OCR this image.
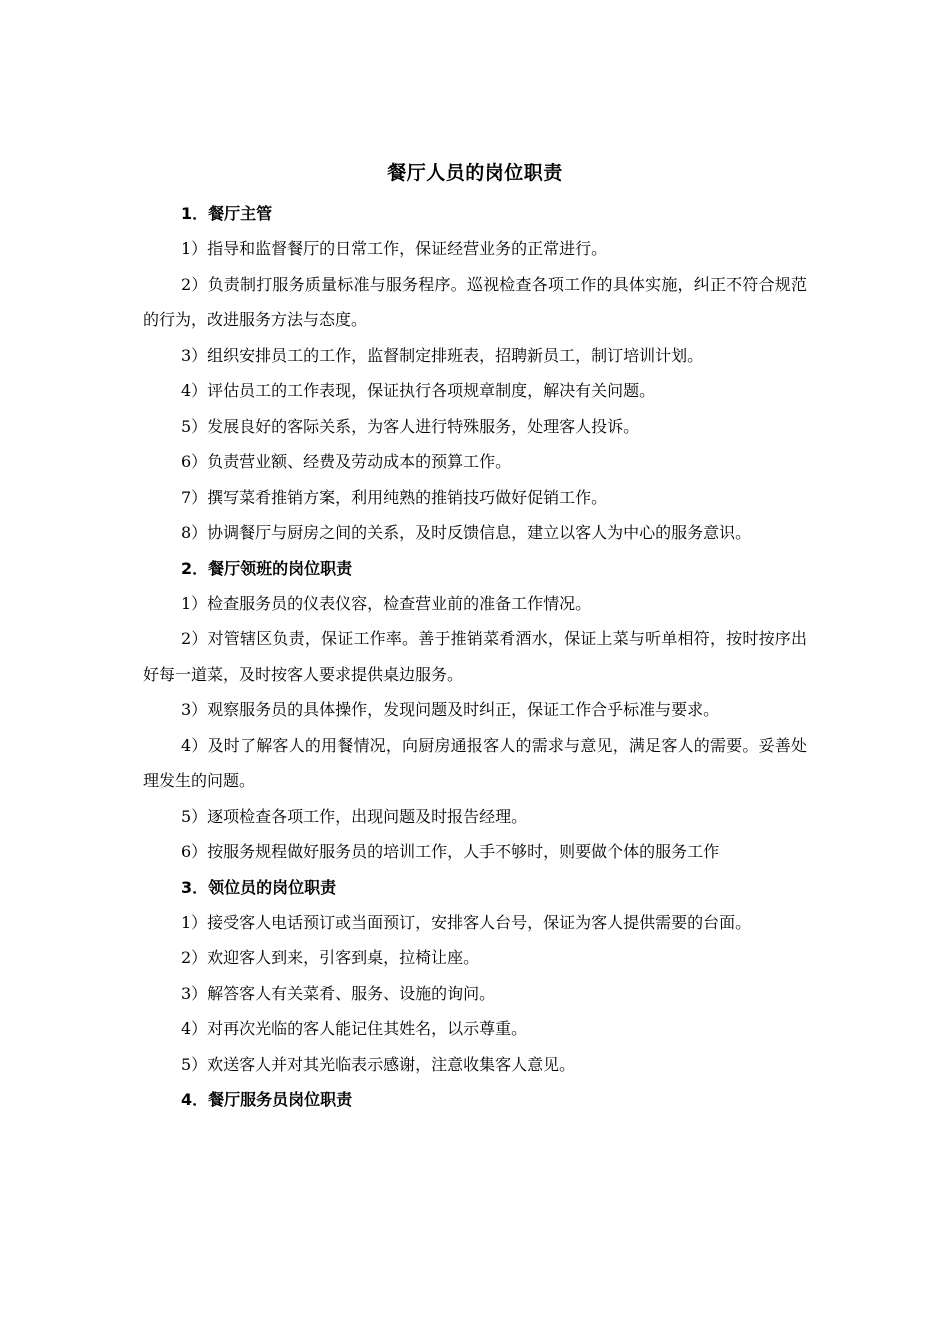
餐厅人员的岗位职责

1．餐厅主管

1）指导和监督餐厅的日常工作，保证经营业务的正常进行。

2）负责制打服务质量标准与服务程序。巡视检查各项工作的具体实施，纠正不符合规范的行为，改进服务方法与态度。

3）组织安排员工的工作，监督制定排班表，招聘新员工，制订培训计划。

4）评估员工的工作表现，保证执行各项规章制度，解决有关问题。

5）发展良好的客际关系，为客人进行特殊服务，处理客人投诉。

6）负责营业额、经费及劳动成本的预算工作。

7）撰写菜肴推销方案，利用纯熟的推销技巧做好促销工作。

8）协调餐厅与厨房之间的关系，及时反馈信息，建立以客人为中心的服务意识。

2．餐厅领班的岗位职责

1）检查服务员的仪表仪容，检查营业前的准备工作情况。

2）对管辖区负责，保证工作率。善于推销菜肴酒水，保证上菜与听单相符，按时按序出好每一道菜，及时按客人要求提供桌边服务。

3）观察服务员的具体操作，发现问题及时纠正，保证工作合乎标准与要求。

4）及时了解客人的用餐情况，向厨房通报客人的需求与意见，满足客人的需要。妥善处理发生的问题。

5）逐项检查各项工作，出现问题及时报告经理。

6）按服务规程做好服务员的培训工作，人手不够时，则要做个体的服务工作

3．领位员的岗位职责

1）接受客人电话预订或当面预订，安排客人台号，保证为客人提供需要的台面。

2）欢迎客人到来，引客到桌，拉椅让座。

3）解答客人有关菜肴、服务、设施的询问。

4）对再次光临的客人能记住其姓名，以示尊重。

5）欢送客人并对其光临表示感谢，注意收集客人意见。

4．餐厅服务员岗位职责
